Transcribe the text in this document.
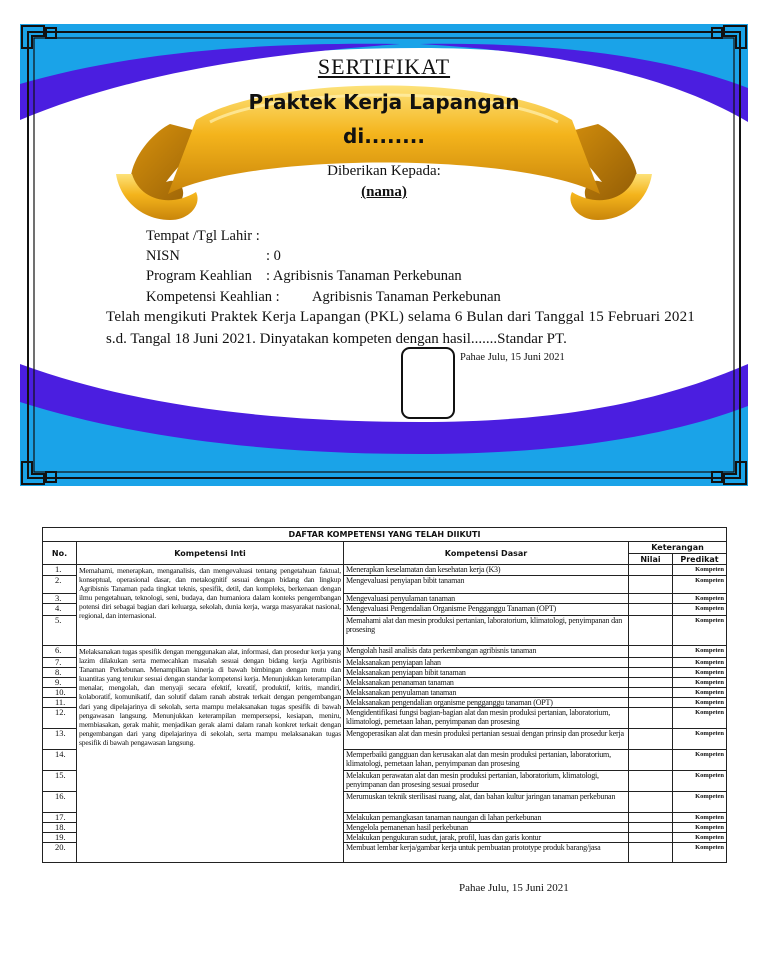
SERTIFIKAT
Praktek Kerja Lapangan
di........
Diberikan Kepada:
(nama)
Tempat /Tgl Lahir :
NISN	: 0
Program Keahlian : Agribisnis Tanaman Perkebunan
Kompetensi Keahlian : Agribisnis Tanaman Perkebunan
Telah mengikuti Praktek Kerja Lapangan (PKL) selama 6 Bulan dari Tanggal 15 Februari 2021
s.d. Tangal 18 Juni 2021. Dinyatakan kompeten dengan hasil.......Standar PT.
Pahae Julu, 15 Juni 2021
DAFTAR KOMPETENSI YANG TELAH DIIKUTI				
No.	Kompetensi Inti	Kompetensi Dasar	Keterangan	
			Nilai	Predikat
1.	Memahami, menerapkan, menganalisis, dan mengevaluasi tentang pengetahuan faktual, konseptual, operasional dasar, dan metakognitif sesuai dengan bidang dan lingkup Agribisnis Tanaman pada tingkat teknis, spesifik, detil, dan kompleks, berkenaan dengan ilmu pengetahuan, teknologi, seni, budaya, dan humaniora dalam konteks pengembangan potensi diri sebagai bagian dari keluarga, sekolah, dunia kerja, warga masyarakat nasional, regional, dan internasional.	Menerapkan keselamatan dan kesehatan kerja (K3)		Kompeten
2.		Mengevaluasi penyiapan bibit tanaman		Kompeten
3.		Mengevaluasi penyulaman tanaman		Kompeten
4.		Mengevaluasi Pengendalian Organisme Pengganggu Tanaman (OPT)		Kompeten
5.		Memahami alat dan mesin produksi pertanian, laboratorium, klimatologi, penyimpanan dan prosesing		Kompeten
6.	Melaksanakan tugas spesifik dengan menggunakan alat, informasi, dan prosedur kerja yang lazim dilakukan serta memecahkan masalah sesuai dengan bidang kerja Agribisnis Tanaman Perkebunan. Menampilkan kinerja di bawah bimbingan dengan mutu dan kuantitas yang terukur sesuai dengan standar kompetensi kerja. Menunjukkan keterampilan menalar, mengolah, dan menyaji secara efektif, kreatif, produktif, kritis, mandiri, kolaboratif, komunikatif, dan solutif dalam ranah abstrak terkait dengan pengembangan dari yang dipelajarinya di sekolah, serta mampu melaksanakan tugas spesifik di bawah pengawasan langsung. Menunjukkan keterampilan mempersepsi, kesiapan, meniru, membiasakan, gerak mahir, menjadikan gerak alami dalam ranah konkret terkait dengan pengembangan dari yang dipelajarinya di sekolah, serta mampu melaksanakan tugas spesifik di bawah pengawasan langsung.	Mengolah hasil analisis data perkembangan agribisnis tanaman		Kompeten
7.		Melaksanakan penyiapan lahan		Kompeten
8.		Melaksanakan penyiapan bibit tanaman		Kompeten
9.		Melaksanakan penanaman tanaman		Kompeten
10.		Melaksanakan penyulaman tanaman		Kompeten
11.		Melaksanakan pengendalian organisme pengganggu tanaman (OPT)		Kompeten
12.		Mengidentifikasi fungsi bagian-bagian alat dan mesin produksi pertanian, laboratorium, klimatologi, pemetaan lahan, penyimpanan dan prosesing		Kompeten
13.		Mengoperasikan alat dan mesin produksi pertanian sesuai dengan prinsip dan prosedur kerja		Kompeten
14.		Memperbaiki gangguan dan kerusakan alat dan mesin produksi pertanian, laboratorium, klimatologi, pemetaan lahan, penyimpanan dan prosesing		Kompeten
15.		Melakukan perawatan alat dan mesin produksi pertanian, laboratorium, klimatologi, penyimpanan dan prosesing sesuai prosedur		Kompeten
16.		Merumuskan teknik sterilisasi ruang, alat, dan bahan kultur jaringan tanaman perkebunan		Kompeten
17.		Melakukan pemangkasan tanaman naungan di lahan perkebunan		Kompeten
18.		Mengelola pemanenan hasil perkebunan		Kompeten
19.		Melakukan pengukuran sudut, jarak, profil, luas dan garis kontur		Kompeten
20.		Membuat lembar kerja/gambar kerja untuk pembuatan prototype produk barang/jasa		Kompeten
Pahae Julu, 15 Juni 2021
